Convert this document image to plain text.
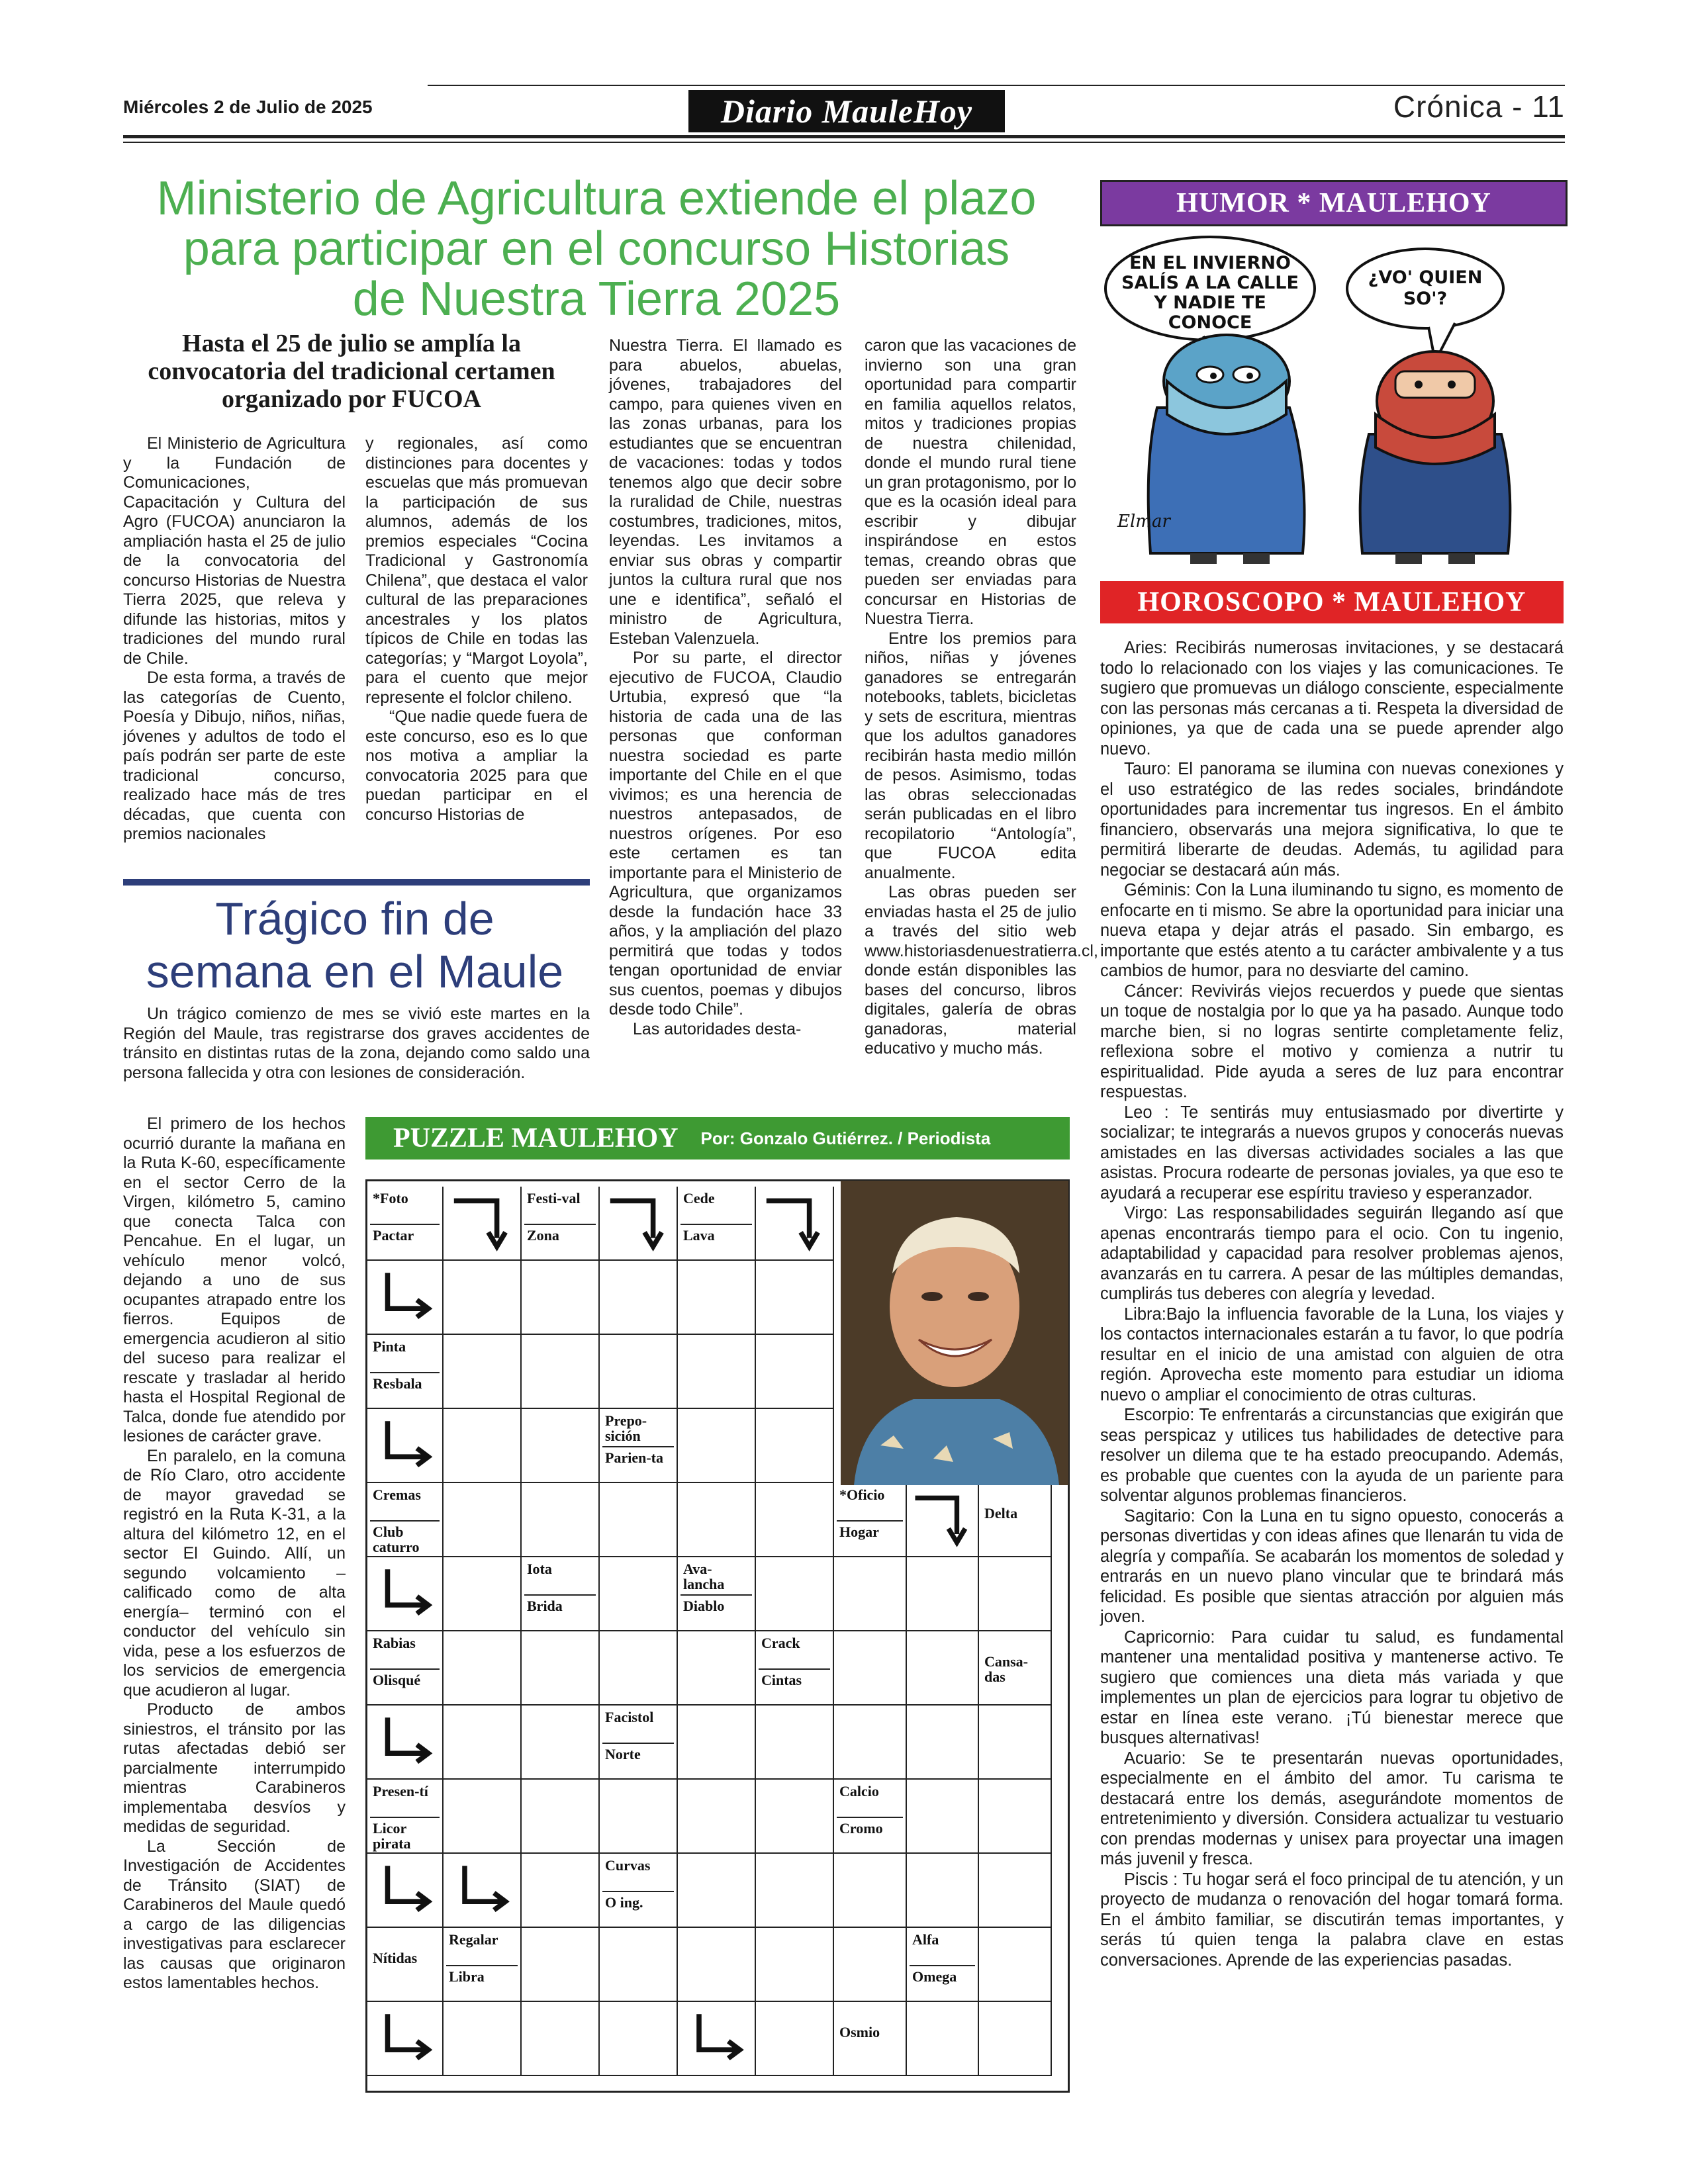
Miércoles 2 de Julio de 2025	Diario MauleHoy	Crónica - 11
Ministerio de Agricultura extiende el plazo
para participar en el concurso Historias
de Nuestra Tierra 2025
Hasta el 25 de julio se amplía la convocatoria del tradicional certamen organizado por FUCOA

El Ministerio de Agricultura y la Fundación de Comunicaciones, Capacitación y Cultura del Agro (FUCOA) anunciaron la ampliación hasta el 25 de julio de la convocatoria del concurso Historias de Nuestra Tierra 2025, que releva y difunde las historias, mitos y tradiciones del mundo rural de Chile.

De esta forma, a través de las categorías de Cuento, Poesía y Dibujo, niños, niñas, jóvenes y adultos de todo el país podrán ser parte de este tradicional concurso, realizado hace más de tres décadas, que cuenta con premios nacionales

y regionales, así como distinciones para docentes y escuelas que más promuevan la participación de sus alumnos, además de los premios especiales “Cocina Tradicional y Gastronomía Chilena”, que destaca el valor cultural de las preparaciones ancestrales y los platos típicos de Chile en todas las categorías; y “Margot Loyola”, para el cuento que mejor represente el folclor chileno.

“Que nadie quede fuera de este concurso, eso es lo que nos motiva a ampliar la convocatoria 2025 para que puedan participar en el concurso Historias de

Nuestra Tierra. El llamado es para abuelos, abuelas, jóvenes, trabajadores del campo, para quienes viven en las zonas urbanas, para los estudiantes que se encuentran de vacaciones: todas y todos tenemos algo que decir sobre la ruralidad de Chile, nuestras costumbres, tradiciones, mitos, leyendas. Les invitamos a enviar sus obras y compartir juntos la cultura rural que nos une e identifica”, señaló el ministro de Agricultura, Esteban Valenzuela.

Por su parte, el director ejecutivo de FUCOA, Claudio Urtubia, expresó que “la historia de cada una de las personas que conforman nuestra sociedad es parte importante del Chile en el que vivimos; es una herencia de nuestros antepasados, de nuestros orígenes. Por eso este certamen es tan importante para el Ministerio de Agricultura, que organizamos desde la fundación hace 33 años, y la ampliación del plazo permitirá que todas y todos tengan oportunidad de enviar sus cuentos, poemas y dibujos desde todo Chile”.

Las autoridades desta-

caron que las vacaciones de invierno son una gran oportunidad para compartir en familia aquellos relatos, mitos y tradiciones propias de nuestra chilenidad, donde el mundo rural tiene un gran protagonismo, por lo que es la ocasión ideal para escribir y dibujar inspirándose en estos temas, creando obras que pueden ser enviadas para concursar en Historias de Nuestra Tierra.

Entre los premios para niños, niñas y jóvenes ganadores se entregarán notebooks, tablets, bicicletas y sets de escritura, mientras que los adultos ganadores recibirán hasta medio millón de pesos. Asimismo, todas las obras seleccionadas serán publicadas en el libro recopilatorio “Antología”, que FUCOA edita anualmente.

Las obras pueden ser enviadas hasta el 25 de julio a través del sitio web www.historiasdenuestratierra.cl, donde están disponibles las bases del concurso, libros digitales, galería de obras ganadoras, material educativo y mucho más.

Trágico fin de
semana en el Maule

Un trágico comienzo de mes se vivió este martes en la Región del Maule, tras registrarse dos graves accidentes de tránsito en distintas rutas de la zona, dejando como saldo una persona fallecida y otra con lesiones de consideración.

El primero de los hechos ocurrió durante la mañana en la Ruta K-60, específicamente en el sector Cerro de la Virgen, kilómetro 5, camino que conecta Talca con Pencahue. En el lugar, un vehículo menor volcó, dejando a uno de sus ocupantes atrapado entre los fierros. Equipos de emergencia acudieron al sitio del suceso para realizar el rescate y trasladar al herido hasta el Hospital Regional de Talca, donde fue atendido por lesiones de carácter grave.

En paralelo, en la comuna de Río Claro, otro accidente de mayor gravedad se registró en la Ruta K-31, a la altura del kilómetro 12, en el sector El Guindo. Allí, un segundo volcamiento –calificado como de alta energía– terminó con el conductor del vehículo sin vida, pese a los esfuerzos de los servicios de emergencia que acudieron al lugar.

Producto de ambos siniestros, el tránsito por las rutas afectadas debió ser parcialmente interrumpido mientras Carabineros implementaba desvíos y medidas de seguridad.

La Sección de Investigación de Accidentes de Tránsito (SIAT) de Carabineros del Maule quedó a cargo de las diligencias investigativas para esclarecer las causas que originaron estos lamentables hechos.

HUMOR * MAULEHOY
EN EL INVIERNO
SALÍS A LA CALLE
Y NADIE TE
CONOCE
¿VO' QUIEN
SO'?
Elmar
HOROSCOPO * MAULEHOY

Aries: Recibirás numerosas invitaciones, y se destacará todo lo relacionado con los viajes y las comunicaciones. Te sugiero que promuevas un diálogo consciente, especialmente con las personas más cercanas a ti. Respeta la diversidad de opiniones, ya que de cada una se puede aprender algo nuevo.

Tauro: El panorama se ilumina con nuevas conexiones y el uso estratégico de las redes sociales, brindándote oportunidades para incrementar tus ingresos. En el ámbito financiero, observarás una mejora significativa, lo que te permitirá liberarte de deudas. Además, tu agilidad para negociar se destacará aún más.

Géminis: Con la Luna iluminando tu signo, es momento de enfocarte en ti mismo. Se abre la oportunidad para iniciar una nueva etapa y dejar atrás el pasado. Sin embargo, es importante que estés atento a tu carácter ambivalente y a tus cambios de humor, para no desviarte del camino.

Cáncer: Revivirás viejos recuerdos y puede que sientas un toque de nostalgia por lo que ya ha pasado. Aunque todo marche bien, si no logras sentirte completamente feliz, reflexiona sobre el motivo y comienza a nutrir tu espiritualidad. Pide ayuda a seres de luz para encontrar respuestas.

Leo : Te sentirás muy entusiasmado por divertirte y socializar; te integrarás a nuevos grupos y conocerás nuevas amistades en las diversas actividades sociales a las que asistas. Procura rodearte de personas joviales, ya que eso te ayudará a recuperar ese espíritu travieso y esperanzador.

Virgo: Las responsabilidades seguirán llegando así que apenas encontrarás tiempo para el ocio. Con tu ingenio, adaptabilidad y capacidad para resolver problemas ajenos, avanzarás en tu carrera. A pesar de las múltiples demandas, cumplirás tus deberes con alegría y levedad.

Libra:Bajo la influencia favorable de la Luna, los viajes y los contactos internacionales estarán a tu favor, lo que podría resultar en el inicio de una amistad con alguien de otra región. Aprovecha este momento para estudiar un idioma nuevo o ampliar el conocimiento de otras culturas.

Escorpio: Te enfrentarás a circunstancias que exigirán que seas perspicaz y utilices tus habilidades de detective para resolver un dilema que te ha estado preocupando. Además, es probable que cuentes con la ayuda de un pariente para solventar algunos problemas financieros.

Sagitario: Con la Luna en tu signo opuesto, conocerás a personas divertidas y con ideas afines que llenarán tu vida de alegría y compañía. Se acabarán los momentos de soledad y entrarás en un nuevo plano vincular que te brindará más felicidad. Es posible que sientas atracción por alguien más joven.

Capricornio: Para cuidar tu salud, es fundamental mantener una mentalidad positiva y mantenerse activo. Te sugiero que comiences una dieta más variada y que implementes un plan de ejercicios para lograr tu objetivo de estar en línea este verano. ¡Tú bienestar merece que busques alternativas!

Acuario: Se te presentarán nuevas oportunidades, especialmente en el ámbito del amor. Tu carisma te destacará entre los demás, asegurándote momentos de entretenimiento y diversión. Considera actualizar tu vestuario con prendas modernas y unisex para proyectar una imagen más juvenil y fresca.

Piscis : Tu hogar será el foco principal de tu atención, y un proyecto de mudanza o renovación del hogar tomará forma. En el ámbito familiar, se discutirán temas importantes, y serás tú quien tenga la palabra clave en estas conversaciones. Aprende de las experiencias pasadas.

PUZZLE MAULEHOY Por: Gonzalo Gutiérrez. / Periodista
*Foto
Pactar
Festi-val
Zona
Cede
Lava
Pinta
Resbala
Prepo-sición
Parien-ta
Cremas
Club caturro
*Oficio
Hogar
Delta
Iota
Brida
Ava-lancha
Diablo
Rabias
Olisqué
Crack
Cintas
Cansa-das
Facistol
Norte
Presen-tí
Licor pirata
Calcio
Cromo
Curvas
O ing.
Nítidas
Regalar
Libra
Alfa
Omega
Osmio
